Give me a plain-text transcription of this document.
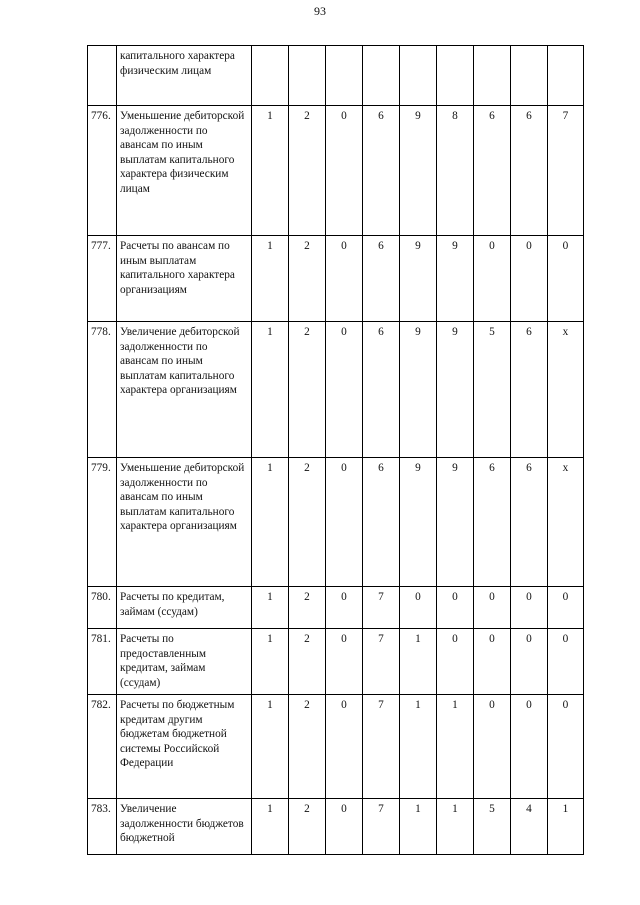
93
	капитального характера физическим лицам									
776.	Уменьшение дебиторской задолженности по авансам по иным выплатам капитального характера физическим лицам	1	2	0	6	9	8	6	6	7
777.	Расчеты по авансам по иным выплатам капитального характера организациям	1	2	0	6	9	9	0	0	0
778.	Увеличение дебиторской задолженности по авансам по иным выплатам капитального характера организациям	1	2	0	6	9	9	5	6	x
779.	Уменьшение дебиторской задолженности по авансам по иным выплатам капитального характера организациям	1	2	0	6	9	9	6	6	x
780.	Расчеты по кредитам, займам (ссудам)	1	2	0	7	0	0	0	0	0
781.	Расчеты по предоставленным кредитам, займам (ссудам)	1	2	0	7	1	0	0	0	0
782.	Расчеты по бюджетным кредитам другим бюджетам бюджетной системы Российской Федерации	1	2	0	7	1	1	0	0	0
783.	Увеличение задолженности бюджетов бюджетной	1	2	0	7	1	1	5	4	1
